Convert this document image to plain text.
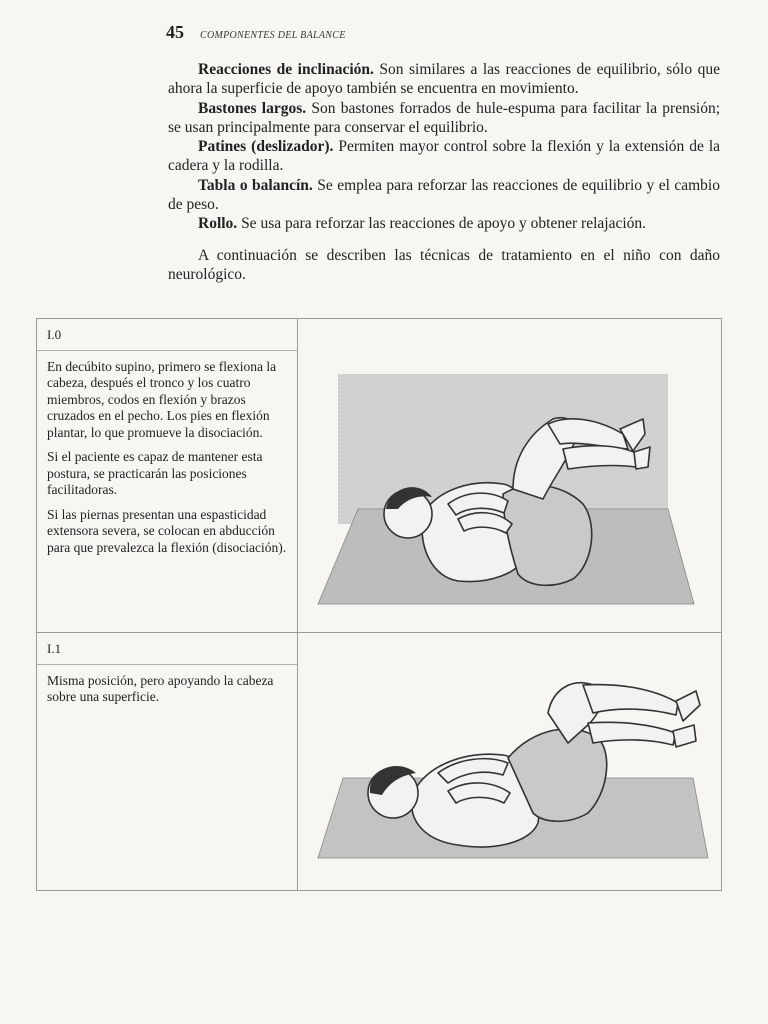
45 COMPONENTES DEL BALANCE

Reacciones de inclinación. Son similares a las reacciones de equilibrio, sólo que ahora la superficie de apoyo también se encuentra en movimiento.

Bastones largos. Son bastones forrados de hule-espuma para facilitar la prensión; se usan principalmente para conservar el equilibrio.

Patines (deslizador). Permiten mayor control sobre la flexión y la extensión de la cadera y la rodilla.

Tabla o balancín. Se emplea para reforzar las reacciones de equilibrio y el cambio de peso.

Rollo. Se usa para reforzar las reacciones de apoyo y obtener relajación.

A continuación se describen las técnicas de tratamiento en el niño con daño neurológico.

I.0

En decúbito supino, primero se flexiona la cabeza, después el tronco y los cuatro miembros, codos en flexión y brazos cruzados en el pecho. Los pies en flexión plantar, lo que promueve la disociación.

Si el paciente es capaz de mantener esta postura, se practicarán las posiciones facilitadoras.

Si las piernas presentan una espasticidad extensora severa, se colocan en abducción para que prevalezca la flexión (disociación).

I.1

Misma posición, pero apoyando la cabeza sobre una superficie.
